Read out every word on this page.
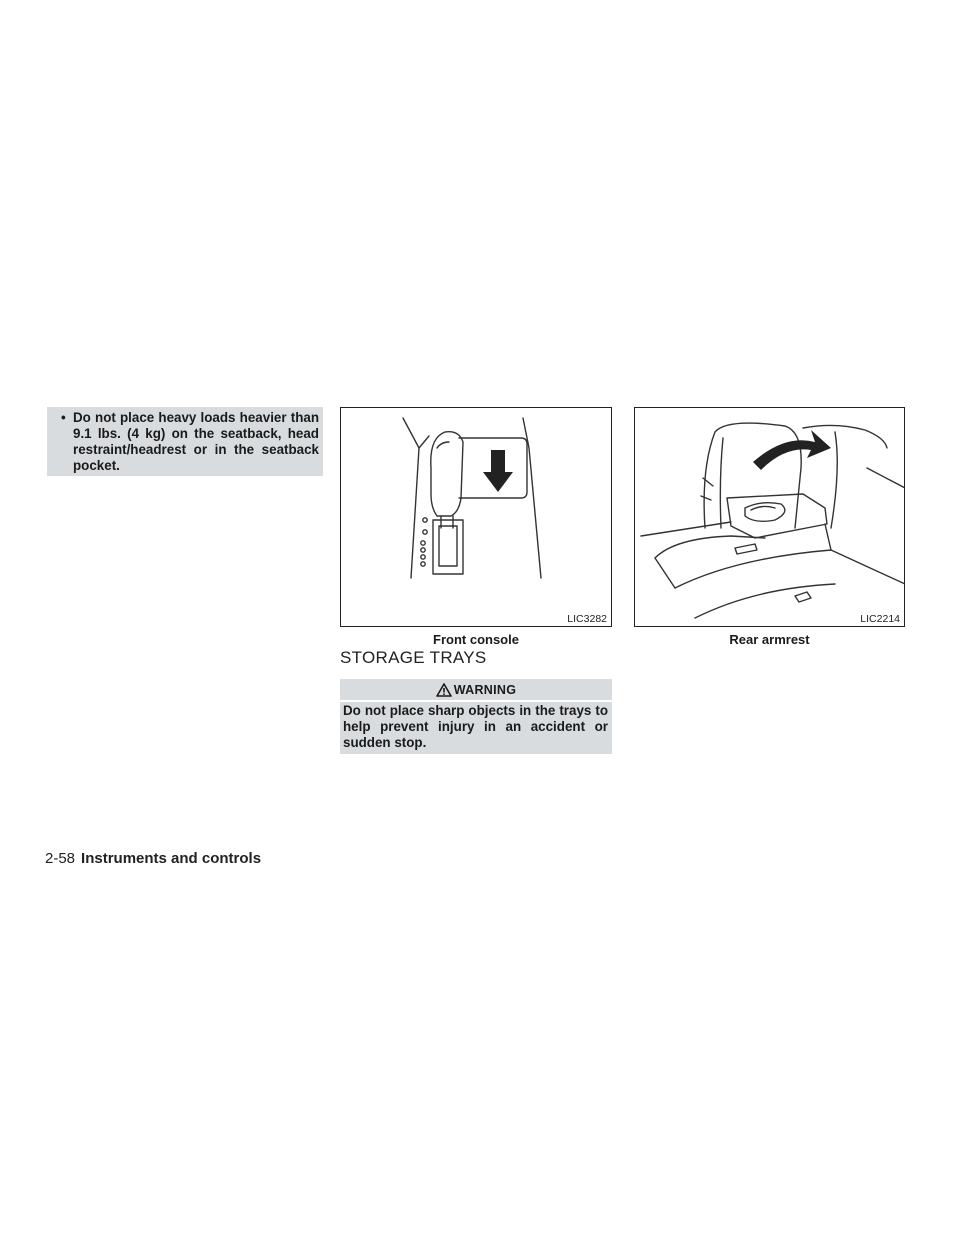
• Do not place heavy loads heavier than 9.1 lbs. (4 kg) on the seatback, head restraint/headrest or in the seatback pocket.
LIC3282
Front console
LIC2214
Rear armrest
STORAGE TRAYS
WARNING
Do not place sharp objects in the trays to help prevent injury in an accident or sudden stop.
2-58 Instruments and controls
